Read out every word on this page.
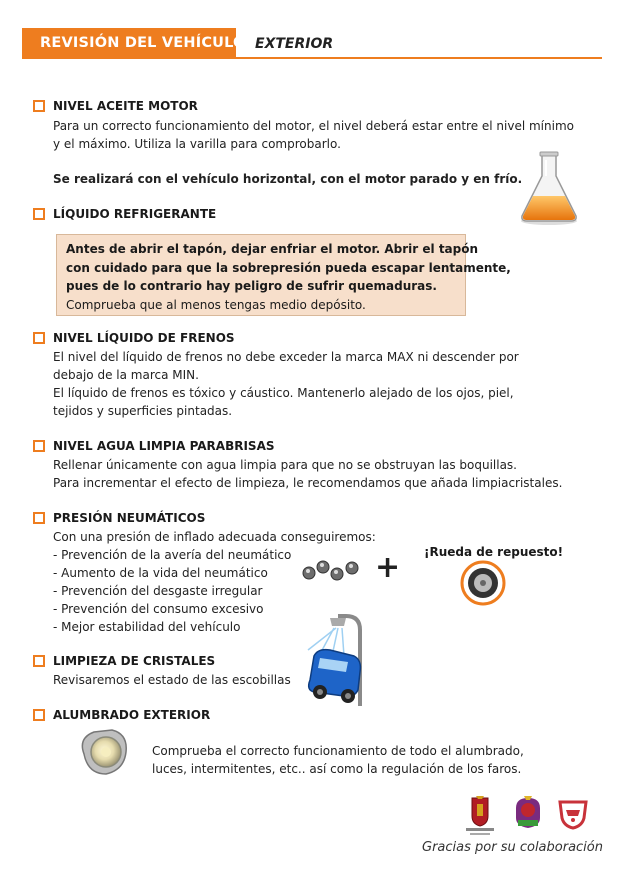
REVISIÓN DEL VEHÍCULO EXTERIOR
NIVEL ACEITE MOTOR
Para un correcto funcionamiento del motor, el nivel deberá estar entre el nivel mínimo
y el máximo. Utiliza la varilla para comprobarlo.
Se realizará con el vehículo horizontal, con el motor parado y en frío.
LÍQUIDO REFRIGERANTE
Antes de abrir el tapón, dejar enfriar el motor. Abrir el tapón
con cuidado para que la sobrepresión pueda escapar lentamente,
pues de lo contrario hay peligro de sufrir quemaduras.
Comprueba que al menos tengas medio depósito.
NIVEL LÍQUIDO DE FRENOS
El nivel del líquido de frenos no debe exceder la marca MAX ni descender por
debajo de la marca MIN.
El líquido de frenos es tóxico y cáustico. Mantenerlo alejado de los ojos, piel,
tejidos y superficies pintadas.
NIVEL AGUA LIMPIA PARABRISAS
Rellenar únicamente con agua limpia para que no se obstruyan las boquillas.
Para incrementar el efecto de limpieza, le recomendamos que añada limpiacristales.
PRESIÓN NEUMÁTICOS
Con una presión de inflado adecuada conseguiremos:
- Prevención de la avería del neumático
- Aumento de la vida del neumático
- Prevención del desgaste irregular
- Prevención del consumo excesivo
- Mejor estabilidad del vehículo
+ ¡Rueda de repuesto!
LIMPIEZA DE CRISTALES
Revisaremos el estado de las escobillas
ALUMBRADO EXTERIOR
Comprueba el correcto funcionamiento de todo el alumbrado,
luces, intermitentes, etc.. así como la regulación de los faros.
Gracias por su colaboración
